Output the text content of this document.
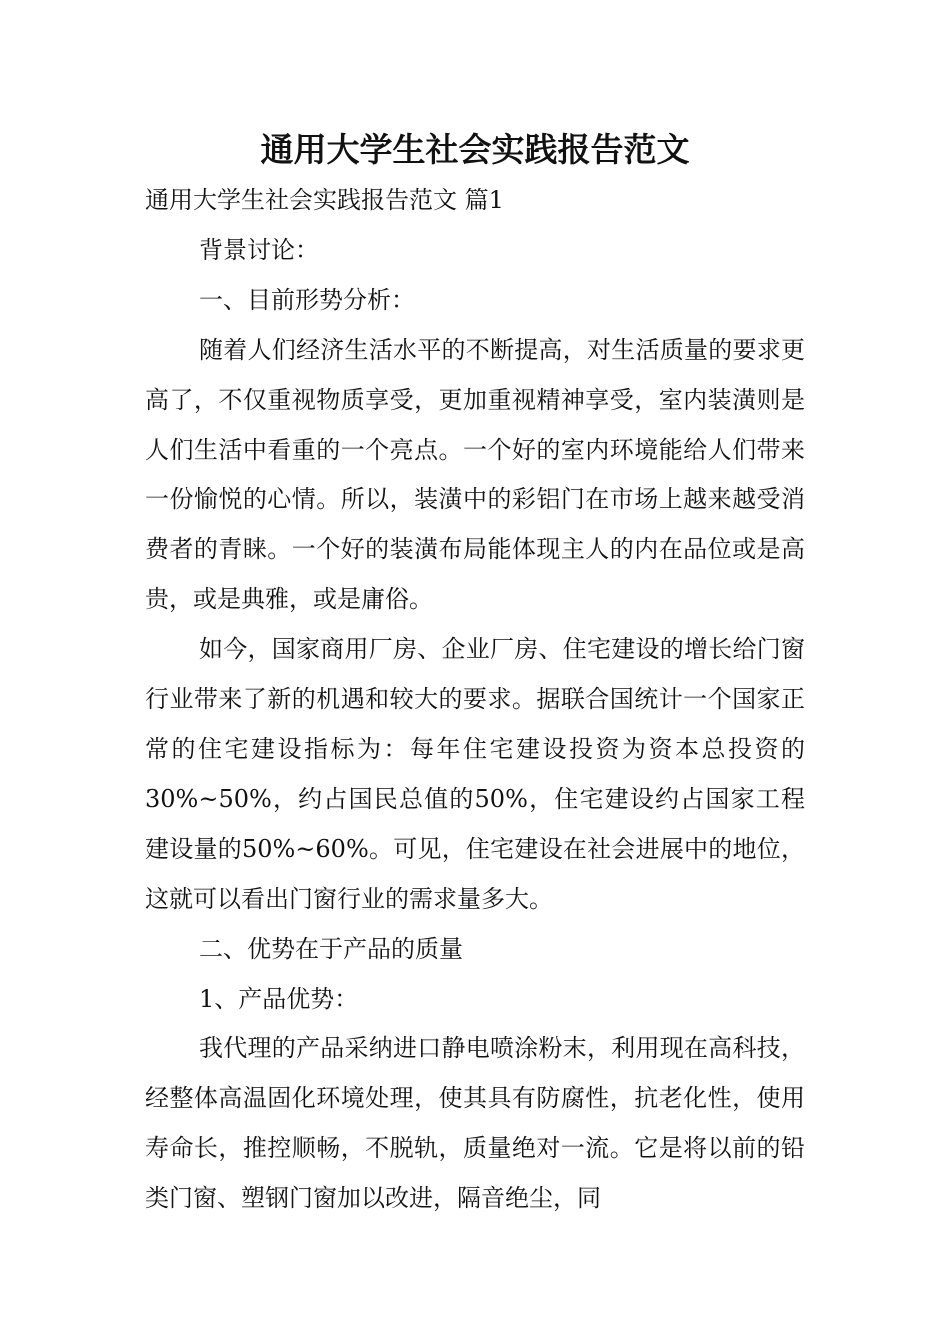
通用大学生社会实践报告范文

通用大学生社会实践报告范文 篇1

背景讨论：

一、目前形势分析：

随着人们经济生活水平的不断提高，对生活质量的要求更高了，不仅重视物质享受，更加重视精神享受，室内装潢则是人们生活中看重的一个亮点。一个好的室内环境能给人们带来一份愉悦的心情。所以，装潢中的彩铝门在市场上越来越受消费者的青睐。一个好的装潢布局能体现主人的内在品位或是高贵，或是典雅，或是庸俗。

如今，国家商用厂房、企业厂房、住宅建设的增长给门窗行业带来了新的机遇和较大的要求。据联合国统计一个国家正常的住宅建设指标为：每年住宅建设投资为资本总投资的30%~50%，约占国民总值的50%，住宅建设约占国家工程建设量的50%~60%。可见，住宅建设在社会进展中的地位，这就可以看出门窗行业的需求量多大。

二、优势在于产品的质量

1、产品优势：

我代理的产品采纳进口静电喷涂粉末，利用现在高科技，经整体高温固化环境处理，使其具有防腐性，抗老化性，使用寿命长，推控顺畅，不脱轨，质量绝对一流。它是将以前的铅类门窗、塑钢门窗加以改进，隔音绝尘，同
